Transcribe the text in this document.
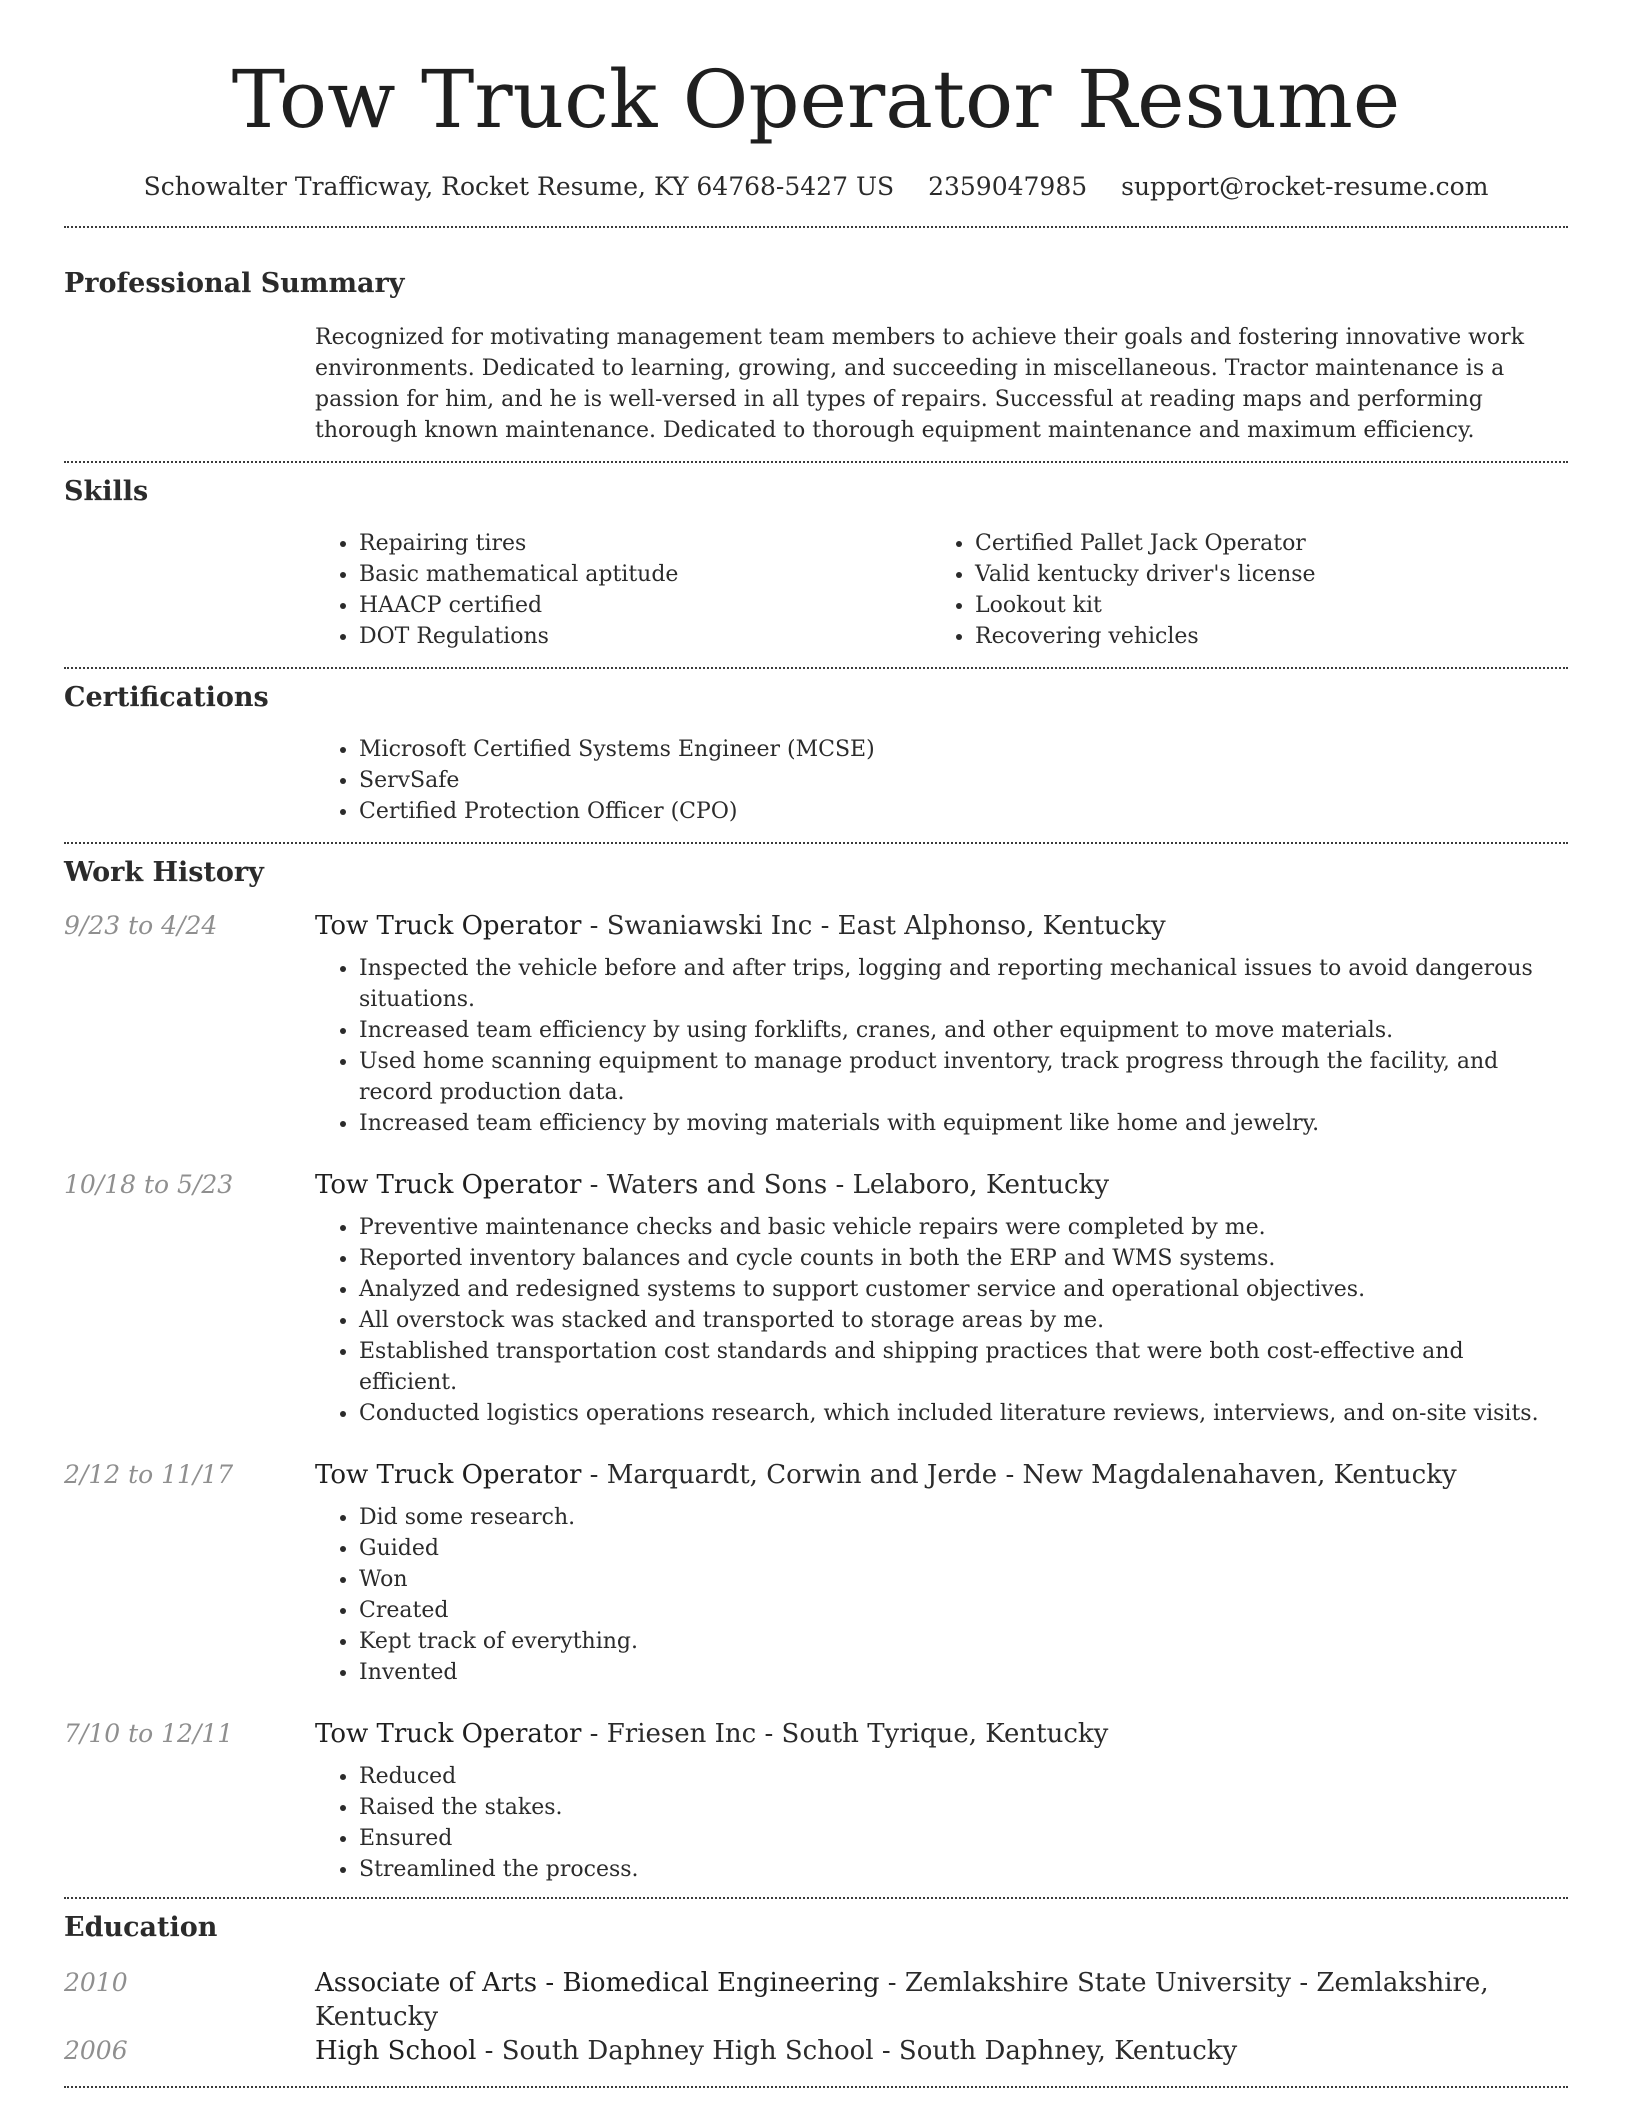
Tow Truck Operator Resume
Schowalter Trafficway, Rocket Resume, KY 64768-5427 US 2359047985 support@rocket-resume.com
Professional Summary
Recognized for motivating management team members to achieve their goals and fostering innovative work environments. Dedicated to learning, growing, and succeeding in miscellaneous. Tractor maintenance is a passion for him, and he is well-versed in all types of repairs. Successful at reading maps and performing thorough known maintenance. Dedicated to thorough equipment maintenance and maximum efficiency.
Skills
• Repairing tires
• Basic mathematical aptitude
• HAACP certified
• DOT Regulations
• Certified Pallet Jack Operator
• Valid kentucky driver's license
• Lookout kit
• Recovering vehicles
Certifications
• Microsoft Certified Systems Engineer (MCSE)
• ServSafe
• Certified Protection Officer (CPO)
Work History
9/23 to 4/24	Tow Truck Operator - Swaniawski Inc - East Alphonso, Kentucky
• Inspected the vehicle before and after trips, logging and reporting mechanical issues to avoid dangerous situations.
• Increased team efficiency by using forklifts, cranes, and other equipment to move materials.
• Used home scanning equipment to manage product inventory, track progress through the facility, and record production data.
• Increased team efficiency by moving materials with equipment like home and jewelry.
10/18 to 5/23	Tow Truck Operator - Waters and Sons - Lelaboro, Kentucky
• Preventive maintenance checks and basic vehicle repairs were completed by me.
• Reported inventory balances and cycle counts in both the ERP and WMS systems.
• Analyzed and redesigned systems to support customer service and operational objectives.
• All overstock was stacked and transported to storage areas by me.
• Established transportation cost standards and shipping practices that were both cost-effective and efficient.
• Conducted logistics operations research, which included literature reviews, interviews, and on-site visits.
2/12 to 11/17	Tow Truck Operator - Marquardt, Corwin and Jerde - New Magdalenahaven, Kentucky
• Did some research.
• Guided
• Won
• Created
• Kept track of everything.
• Invented
7/10 to 12/11	Tow Truck Operator - Friesen Inc - South Tyrique, Kentucky
• Reduced
• Raised the stakes.
• Ensured
• Streamlined the process.
Education
2010	Associate of Arts - Biomedical Engineering - Zemlakshire State University - Zemlakshire, Kentucky
2006	High School - South Daphney High School - South Daphney, Kentucky
